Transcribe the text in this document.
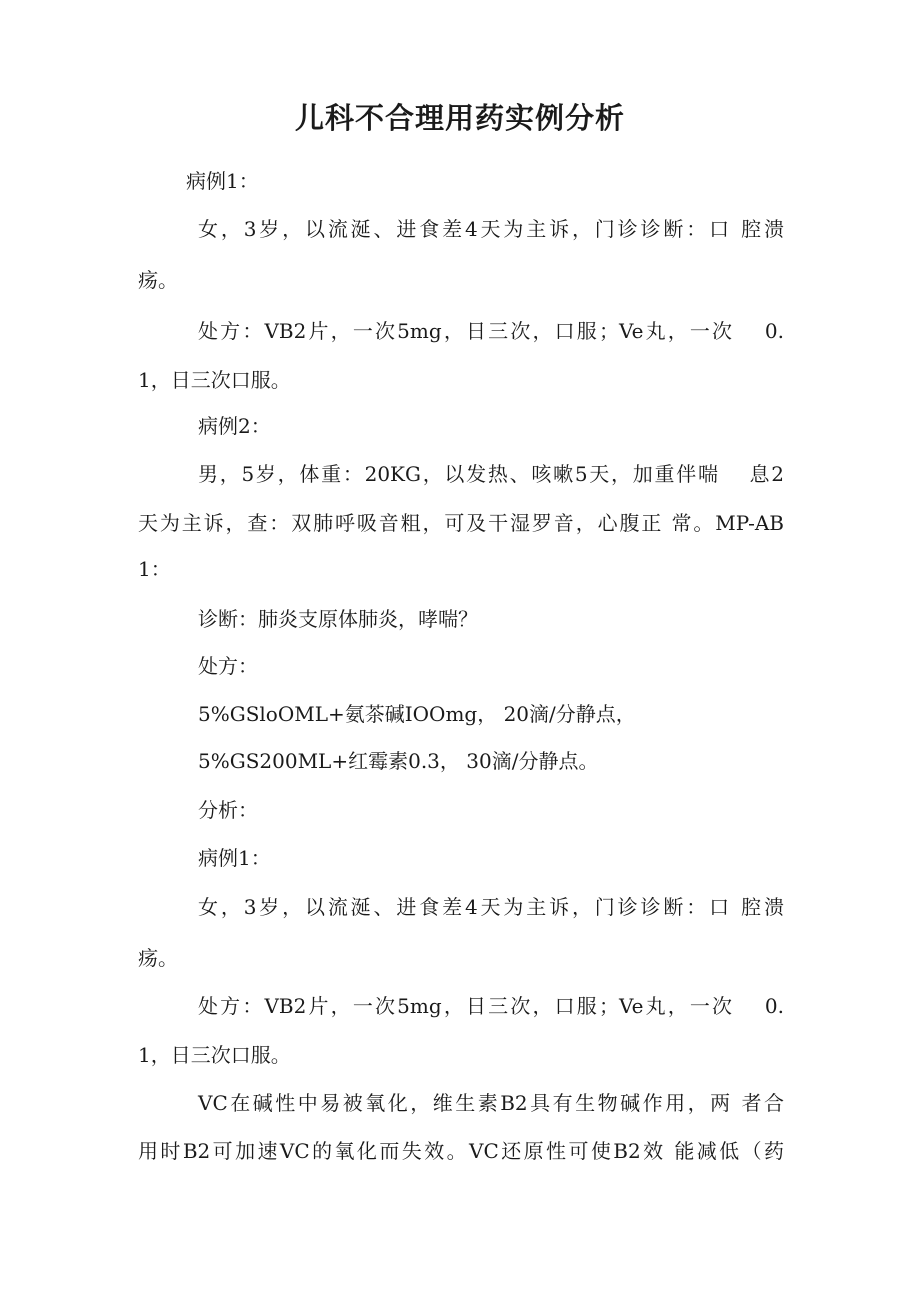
儿科不合理用药实例分析

病例1：

女，3岁，以流涎、进食差4天为主诉，门诊诊断：口 腔溃

疡。

处方：VB2片，一次5mg，日三次，口服；Ve丸，一次　 0.

1，日三次口服。

病例2：

男，5岁，体重：20KG，以发热、咳嗽5天，加重伴喘　 息2

天为主诉，查：双肺呼吸音粗，可及干湿罗音，心腹正 常。MP-AB

1：

诊断：肺炎支原体肺炎，哮喘？

处方：

5%GSloOML+氨茶碱IOOmg， 20滴/分静点，

5%GS200ML+红霉素0.3， 30滴/分静点。

分析：

病例1：

女，3岁，以流涎、进食差4天为主诉，门诊诊断：口 腔溃

疡。

处方：VB2片，一次5mg，日三次，口服；Ve丸，一次　 0.

1，日三次口服。

VC在碱性中易被氧化，维生素B2具有生物碱作用，两 者合

用时B2可加速VC的氧化而失效。VC还原性可使B2效 能减低（药
